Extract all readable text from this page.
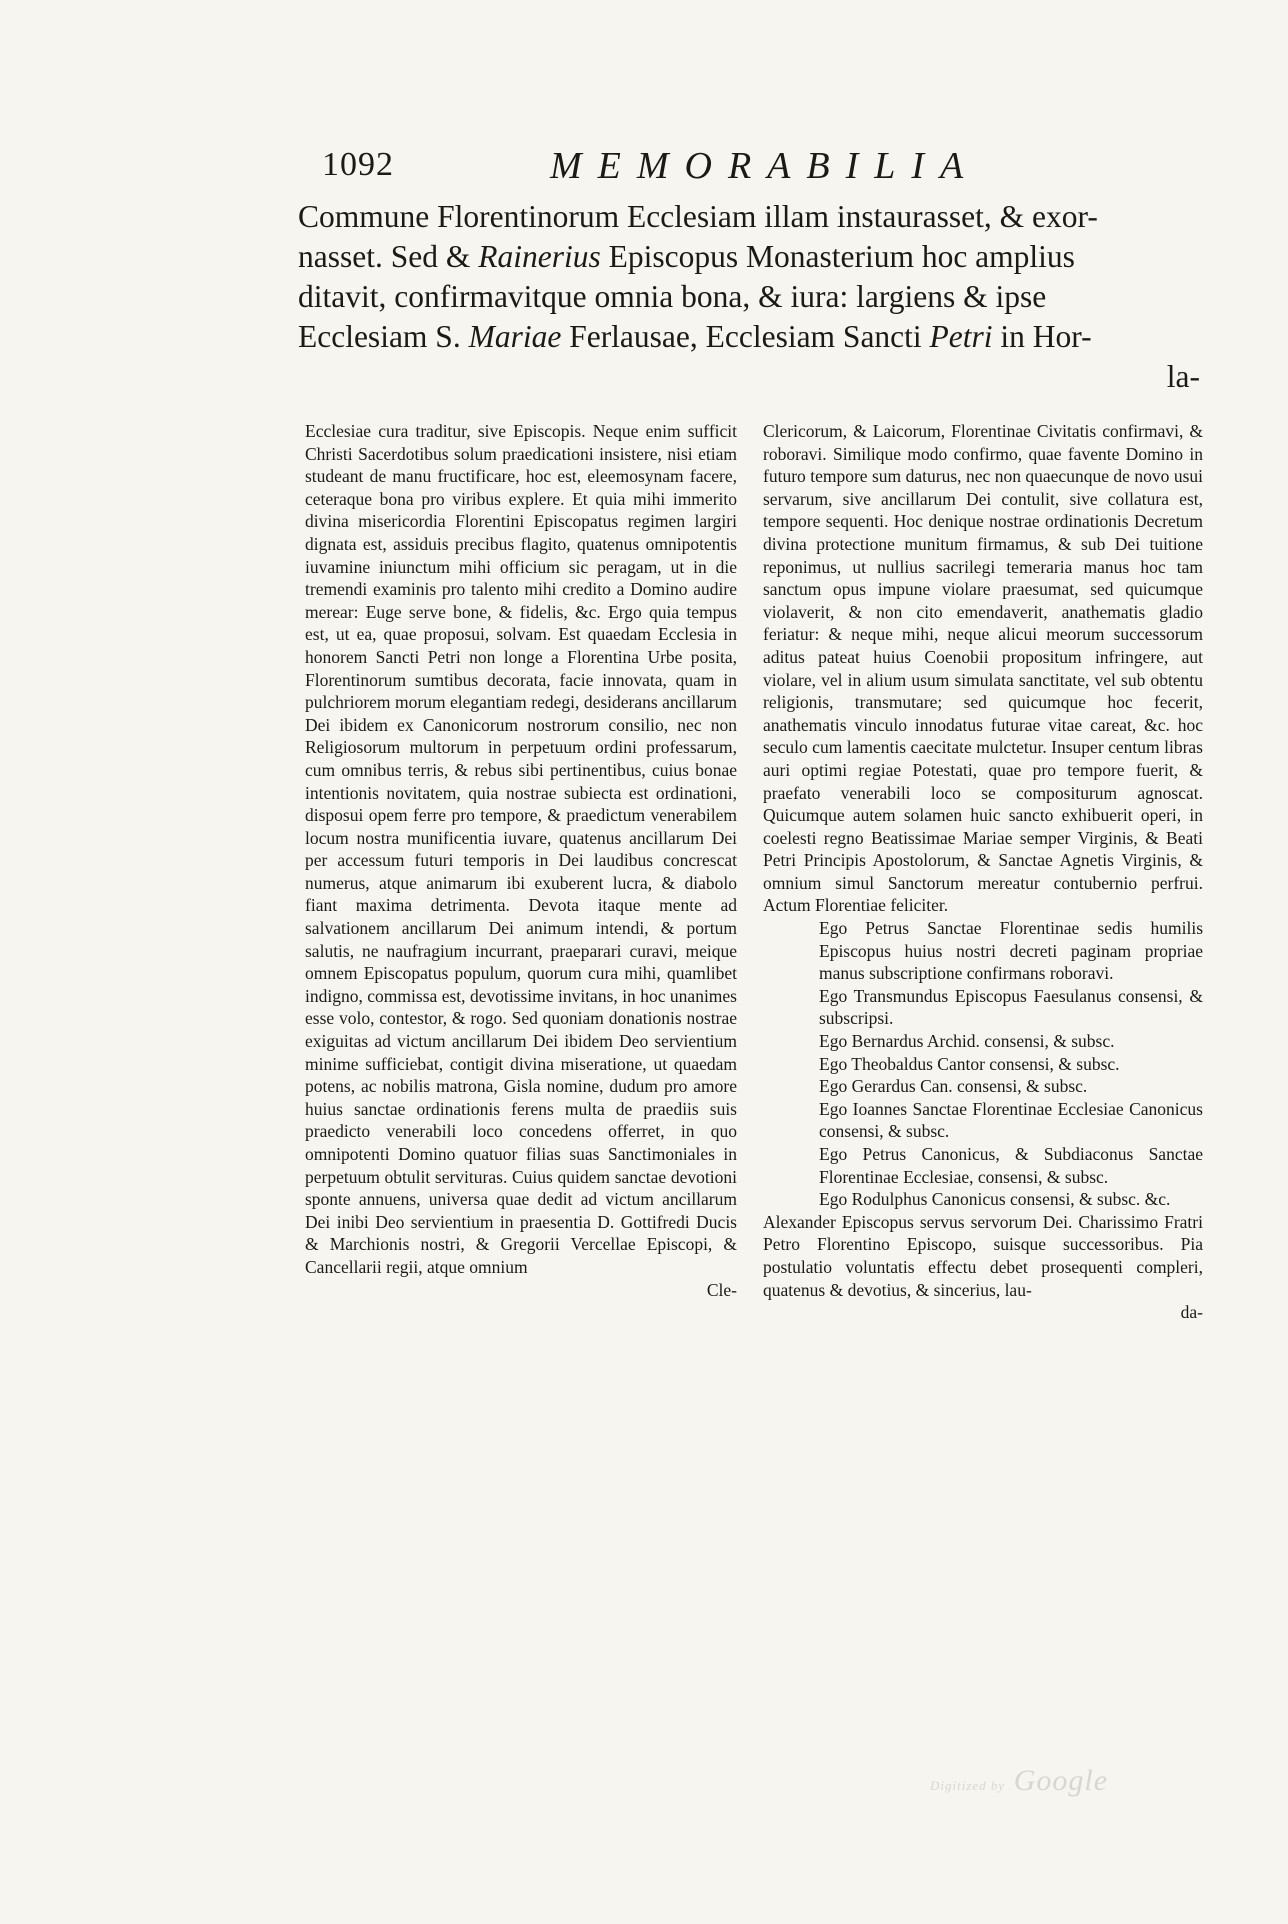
1092	MEMORABILIA
Commune Florentinorum Ecclesiam illam instaurasset, & exor-
nasset. Sed & Rainerius Episcopus Monasterium hoc amplius
ditavit, confirmavitque omnia bona, & iura: largiens & ipse
Ecclesiam S. Mariae Ferlausae, Ecclesiam Sancti Petri in Hor-
la-

Ecclesiae cura traditur, sive Episcopis. Neque enim sufficit Christi Sacerdotibus solum praedicationi insistere, nisi etiam studeant de manu fructificare, hoc est, eleemosynam facere, ceteraque bona pro viribus explere. Et quia mihi immerito divina misericordia Florentini Episcopatus regimen largiri dignata est, assiduis precibus flagito, quatenus omnipotentis iuvamine iniunctum mihi officium sic peragam, ut in die tremendi examinis pro talento mihi credito a Domino audire merear: Euge serve bone, & fidelis, &c. Ergo quia tempus est, ut ea, quae proposui, solvam. Est quaedam Ecclesia in honorem Sancti Petri non longe a Florentina Urbe posita, Florentinorum sumtibus decorata, facie innovata, quam in pulchriorem morum elegantiam redegi, desiderans ancillarum Dei ibidem ex Canonicorum nostrorum consilio, nec non Religiosorum multorum in perpetuum ordini professarum, cum omnibus terris, & rebus sibi pertinentibus, cuius bonae intentionis novitatem, quia nostrae subiecta est ordinationi, disposui opem ferre pro tempore, & praedictum venerabilem locum nostra munificentia iuvare, quatenus ancillarum Dei per accessum futuri temporis in Dei laudibus concrescat numerus, atque animarum ibi exuberent lucra, & diabolo fiant maxima detrimenta. Devota itaque mente ad salvationem ancillarum Dei animum intendi, & portum salutis, ne naufragium incurrant, praeparari curavi, meique omnem Episcopatus populum, quorum cura mihi, quamlibet indigno, commissa est, devotissime invitans, in hoc unanimes esse volo, contestor, & rogo. Sed quoniam donationis nostrae exiguitas ad victum ancillarum Dei ibidem Deo servientium minime sufficiebat, contigit divina miseratione, ut quaedam potens, ac nobilis matrona, Gisla nomine, dudum pro amore huius sanctae ordinationis ferens multa de praediis suis praedicto venerabili loco concedens offerret, in quo omnipotenti Domino quatuor filias suas Sanctimoniales in perpetuum obtulit servituras. Cuius quidem sanctae devotioni sponte annuens, universa quae dedit ad victum ancillarum Dei inibi Deo servientium in praesentia D. Gottifredi Ducis & Marchionis nostri, & Gregorii Vercellae Episcopi, & Cancellarii regii, atque omnium

Cle-

Clericorum, & Laicorum, Florentinae Civitatis confirmavi, & roboravi. Similique modo confirmo, quae favente Domino in futuro tempore sum daturus, nec non quaecunque de novo usui servarum, sive ancillarum Dei contulit, sive collatura est, tempore sequenti. Hoc denique nostrae ordinationis Decretum divina protectione munitum firmamus, & sub Dei tuitione reponimus, ut nullius sacrilegi temeraria manus hoc tam sanctum opus impune violare praesumat, sed quicumque violaverit, & non cito emendaverit, anathematis gladio feriatur: & neque mihi, neque alicui meorum successorum aditus pateat huius Coenobii propositum infringere, aut violare, vel in alium usum simulata sanctitate, vel sub obtentu religionis, transmutare; sed quicumque hoc fecerit, anathematis vinculo innodatus futurae vitae careat, &c. hoc seculo cum lamentis caecitate mulctetur. Insuper centum libras auri optimi regiae Potestati, quae pro tempore fuerit, & praefato venerabili loco se compositurum agnoscat. Quicumque autem solamen huic sancto exhibuerit operi, in coelesti regno Beatissimae Mariae semper Virginis, & Beati Petri Principis Apostolorum, & Sanctae Agnetis Virginis, & omnium simul Sanctorum mereatur contubernio perfrui. Actum Florentiae feliciter.

Ego Petrus Sanctae Florentinae sedis humilis Episcopus huius nostri decreti paginam propriae manus subscriptione confirmans roboravi.

Ego Transmundus Episcopus Faesulanus consensi, & subscripsi.

Ego Bernardus Archid. consensi, & subsc.

Ego Theobaldus Cantor consensi, & subsc.

Ego Gerardus Can. consensi, & subsc.

Ego Ioannes Sanctae Florentinae Ecclesiae Canonicus consensi, & subsc.

Ego Petrus Canonicus, & Subdiaconus Sanctae Florentinae Ecclesiae, consensi, & subsc.

Ego Rodulphus Canonicus consensi, & subsc. &c.

Alexander Episcopus servus servorum Dei. Charissimo Fratri Petro Florentino Episcopo, suisque successoribus. Pia postulatio voluntatis effectu debet prosequenti compleri, quatenus & devotius, & sincerius, lau-

da-

Digitized by Google
